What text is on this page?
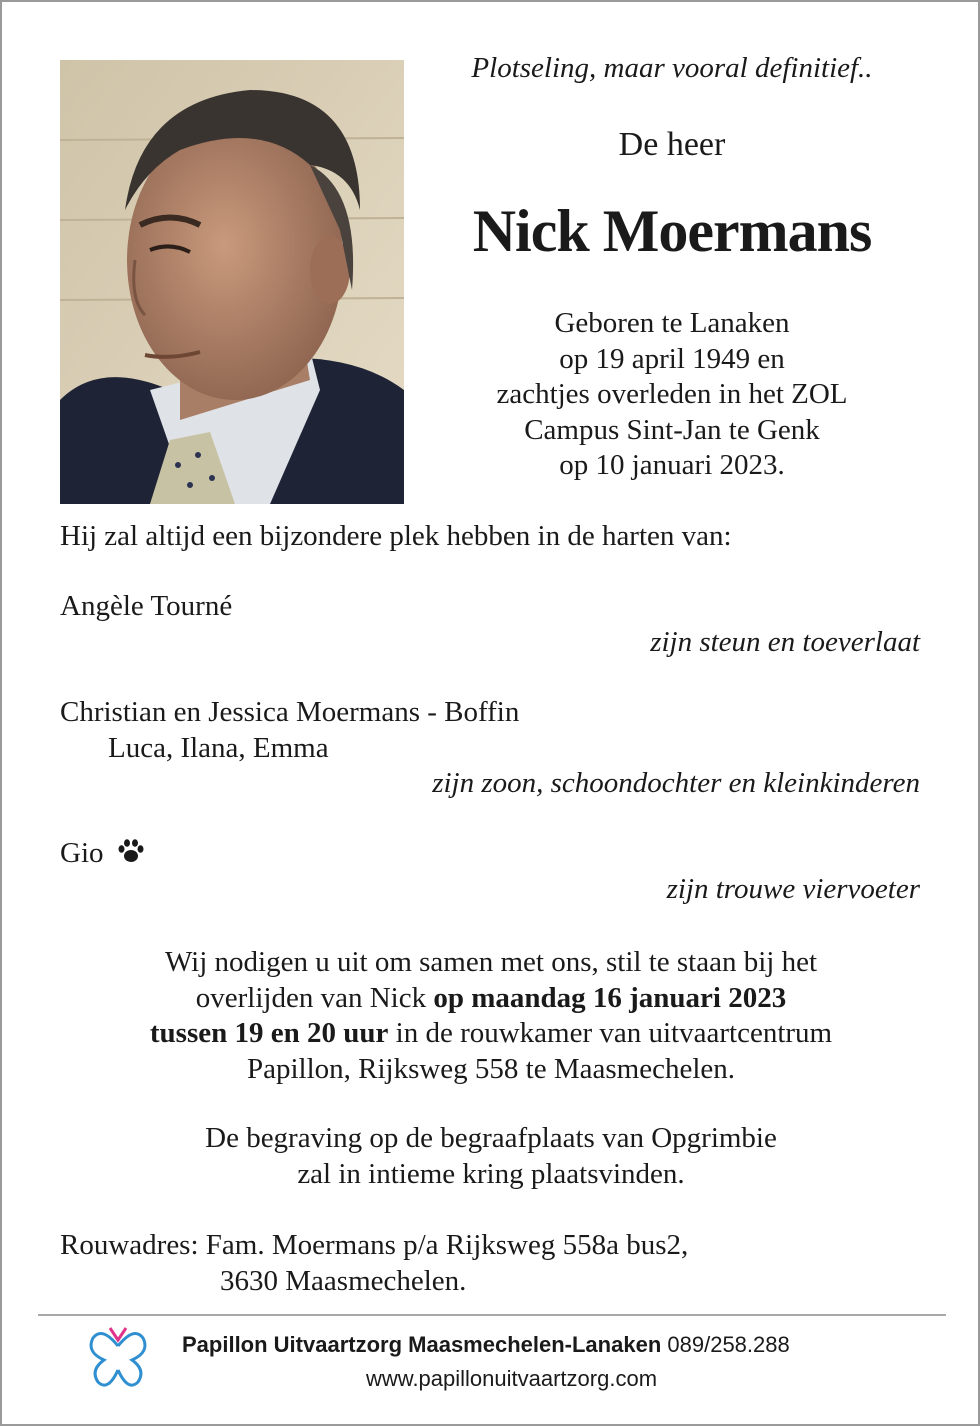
Plotseling, maar vooral definitief..
De heer
Nick Moermans
Geboren te Lanaken
op 19 april 1949 en
zachtjes overleden in het ZOL
Campus Sint-Jan te Genk
op 10 januari 2023.
Hij zal altijd een bijzondere plek hebben in de harten van:
Angèle Tourné
zijn steun en toeverlaat
Christian en Jessica Moermans - Boffin
Luca, Ilana, Emma
zijn zoon, schoondochter en kleinkinderen
Gio
zijn trouwe viervoeter
Wij nodigen u uit om samen met ons, stil te staan bij het
overlijden van Nick op maandag 16 januari 2023
tussen 19 en 20 uur in de rouwkamer van uitvaartcentrum
Papillon, Rijksweg 558 te Maasmechelen.
De begraving op de begraafplaats van Opgrimbie
zal in intieme kring plaatsvinden.
Rouwadres: Fam. Moermans p/a Rijksweg 558a bus2,
3630 Maasmechelen.
Papillon Uitvaartzorg Maasmechelen-Lanaken 089/258.288
www.papillonuitvaartzorg.com
